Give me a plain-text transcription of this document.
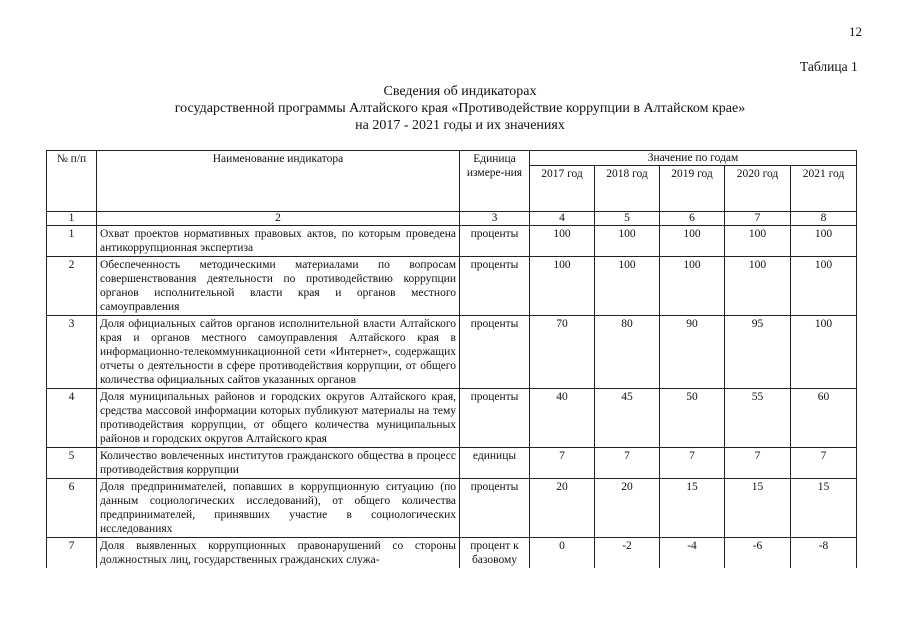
12
Таблица 1
Сведения об индикаторах
государственной программы Алтайского края «Противодействие коррупции в Алтайском крае»
на 2017 - 2021 годы и их значениях
№ п/п	Наименование индикатора	Единица измере-ния	Значение по годам				
			2017 год	2018 год	2019 год	2020 год	2021 год
1	2	3	4	5	6	7	8
1	Охват проектов нормативных правовых актов, по которым проведена антикоррупционная экспертиза	проценты	100	100	100	100	100
2	Обеспеченность методическими материалами по вопросам совершенствования деятельности по противодействию коррупции органов исполнительной власти края и органов местного самоуправления	проценты	100	100	100	100	100
3	Доля официальных сайтов органов исполнительной власти Алтайского края и органов местного самоуправления Алтайского края в информационно-телекоммуникационной сети «Интернет», содержащих отчеты о деятельности в сфере противодействия коррупции, от общего количества официальных сайтов указанных органов	проценты	70	80	90	95	100
4	Доля муниципальных районов и городских округов Алтайского края, средства массовой информации которых публикуют материалы на тему противодействия коррупции, от общего количества муниципальных районов и городских округов Алтайского края	проценты	40	45	50	55	60
5	Количество вовлеченных институтов гражданского общества в процесс противодействия коррупции	единицы	7	7	7	7	7
6	Доля предпринимателей, попавших в коррупционную ситуацию (по данным социологических исследований), от общего количества предпринимателей, принявших участие в социологических исследованиях	проценты	20	20	15	15	15
7	Доля выявленных коррупционных правонарушений со стороны должностных лиц, государственных гражданских служа-	процент к базовому	0	-2	-4	-6	-8
